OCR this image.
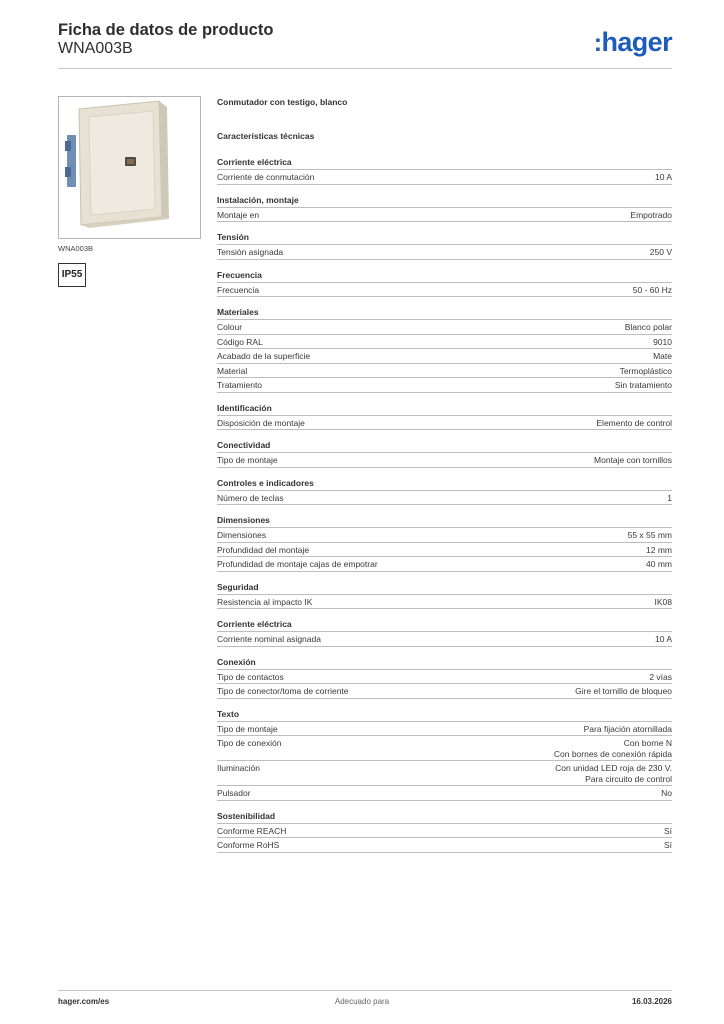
Ficha de datos de producto
WNA003B	:hager
WNA003B
IP55
Conmutador con testigo, blanco
Características técnicas
Corriente eléctrica
Corriente de conmutación	10 A
Instalación, montaje
Montaje en	Empotrado
Tensión
Tensión asignada	250 V
Frecuencia
Frecuencia	50 - 60 Hz
Materiales
Colour	Blanco polar
Código RAL	9010
Acabado de la superficie	Mate
Material	Termoplástico
Tratamiento	Sin tratamiento
Identificación
Disposición de montaje	Elemento de control
Conectividad
Tipo de montaje	Montaje con tornillos
Controles e indicadores
Número de teclas	1
Dimensiones
Dimensiones	55 x 55 mm
Profundidad del montaje	12 mm
Profundidad de montaje cajas de empotrar	40 mm
Seguridad
Resistencia al impacto IK	IK08
Corriente eléctrica
Corriente nominal asignada	10 A
Conexión
Tipo de contactos	2 vías
Tipo de conector/toma de corriente	Gire el tornillo de bloqueo
Texto
Tipo de montaje	Para fijación atornillada
Tipo de conexión	Con borne N
Con bornes de conexión rápida
Iluminación	Con unidad LED roja de 230 V.
Para circuito de control
Pulsador	No
Sostenibilidad
Conforme REACH	Sí
Conforme RoHS	Sí
hager.com/es	Adecuado para	16.03.2026
